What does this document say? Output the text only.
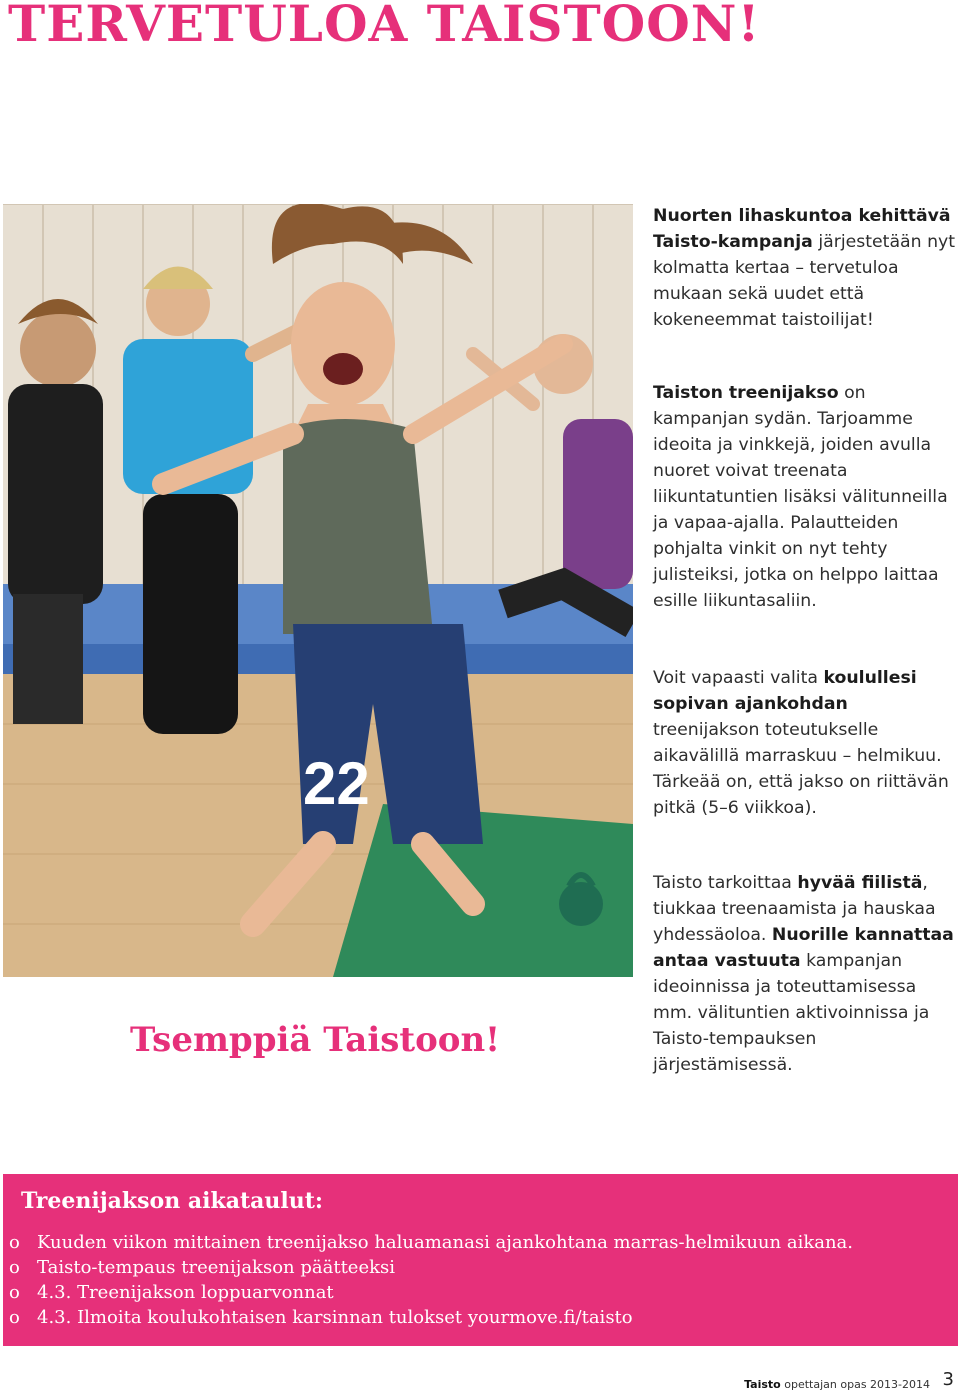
TERVETULOA TAISTOON!
22

Tsemppiä Taistoon!

Nuorten lihaskuntoa kehittävä Taisto-kampanja järjestetään nyt kolmatta kertaa – tervetuloa mukaan sekä uudet että kokeneemmat taistoilijat!

Taiston treenijakso on kampanjan sydän. Tarjoamme ideoita ja vinkkejä, joiden avulla nuoret voivat treenata liikuntatuntien lisäksi välitunneilla ja vapaa-ajalla. Palautteiden pohjalta vinkit on nyt tehty julisteiksi, jotka on helppo laittaa esille liikuntasaliin.

Voit vapaasti valita koulullesi sopivan ajankohdan treenijakson toteutukselle aikavälillä marraskuu – helmikuu. Tärkeää on, että jakso on riittävän pitkä (5–6 viikkoa).

Taisto tarkoittaa hyvää fiilistä, tiukkaa treenaamista ja hauskaa yhdessäoloa. Nuorille kannattaa antaa vastuuta kampanjan ideoinnissa ja toteuttamisessa mm. välituntien aktivoinnissa ja Taisto-tempauksen järjestämisessä.

Treenijakson aikataulut:
o Kuuden viikon mittainen treenijakso haluamanasi ajankohtana marras-helmikuun aikana.
o Taisto-tempaus treenijakson päätteeksi
o 4.3. Treenijakson loppuarvonnat
o 4.3. Ilmoita koulukohtaisen karsinnan tulokset yourmove.fi/taisto
Taisto opettajan opas 2013-2014 3
